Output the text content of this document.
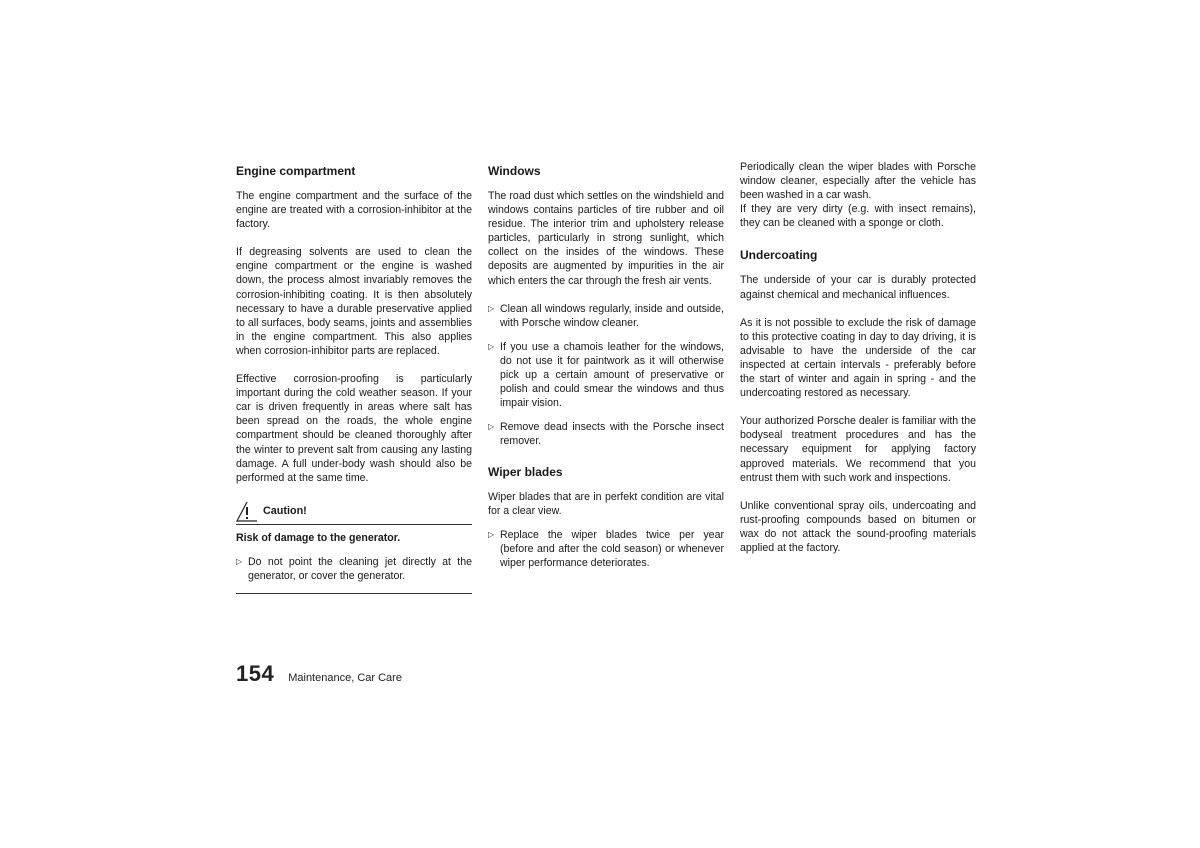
Engine compartment

The engine compartment and the surface of the engine are treated with a corrosion-inhibitor at the factory.

If degreasing solvents are used to clean the engine compartment or the engine is washed down, the process almost invariably removes the corrosion-inhibiting coating. It is then absolutely necessary to have a durable preservative applied to all surfaces, body seams, joints and assemblies in the engine compartment. This also applies when corrosion-inhibitor parts are replaced.

Effective corrosion-proofing is particularly important during the cold weather season. If your car is driven frequently in areas where salt has been spread on the roads, the whole engine compartment should be cleaned thoroughly after the winter to prevent salt from causing any lasting damage. A full under-body wash should also be performed at the same time.

Caution!
Risk of damage to the generator.
▷ Do not point the cleaning jet directly at the generator, or cover the generator.
Windows

The road dust which settles on the windshield and windows contains particles of tire rubber and oil residue. The interior trim and upholstery release particles, particularly in strong sunlight, which collect on the insides of the windows. These deposits are augmented by impurities in the air which enters the car through the fresh air vents.

▷ Clean all windows regularly, inside and outside, with Porsche window cleaner.
▷ If you use a chamois leather for the windows, do not use it for paintwork as it will otherwise pick up a certain amount of preservative or polish and could smear the windows and thus impair vision.
▷ Remove dead insects with the Porsche insect remover.
Wiper blades

Wiper blades that are in perfekt condition are vital for a clear view.

▷ Replace the wiper blades twice per year (before and after the cold season) or whenever wiper performance deteriorates.

Periodically clean the wiper blades with Porsche window cleaner, especially after the vehicle has been washed in a car wash.

If they are very dirty (e.g. with insect remains), they can be cleaned with a sponge or cloth.

Undercoating

The underside of your car is durably protected against chemical and mechanical influences.

As it is not possible to exclude the risk of damage to this protective coating in day to day driving, it is advisable to have the underside of the car inspected at certain intervals - preferably before the start of winter and again in spring - and the undercoating restored as necessary.

Your authorized Porsche dealer is familiar with the bodyseal treatment procedures and has the necessary equipment for applying factory approved materials. We recommend that you entrust them with such work and inspections.

Unlike conventional spray oils, undercoating and rust-proofing compounds based on bitumen or wax do not attack the sound-proofing materials applied at the factory.

154 Maintenance, Car Care
